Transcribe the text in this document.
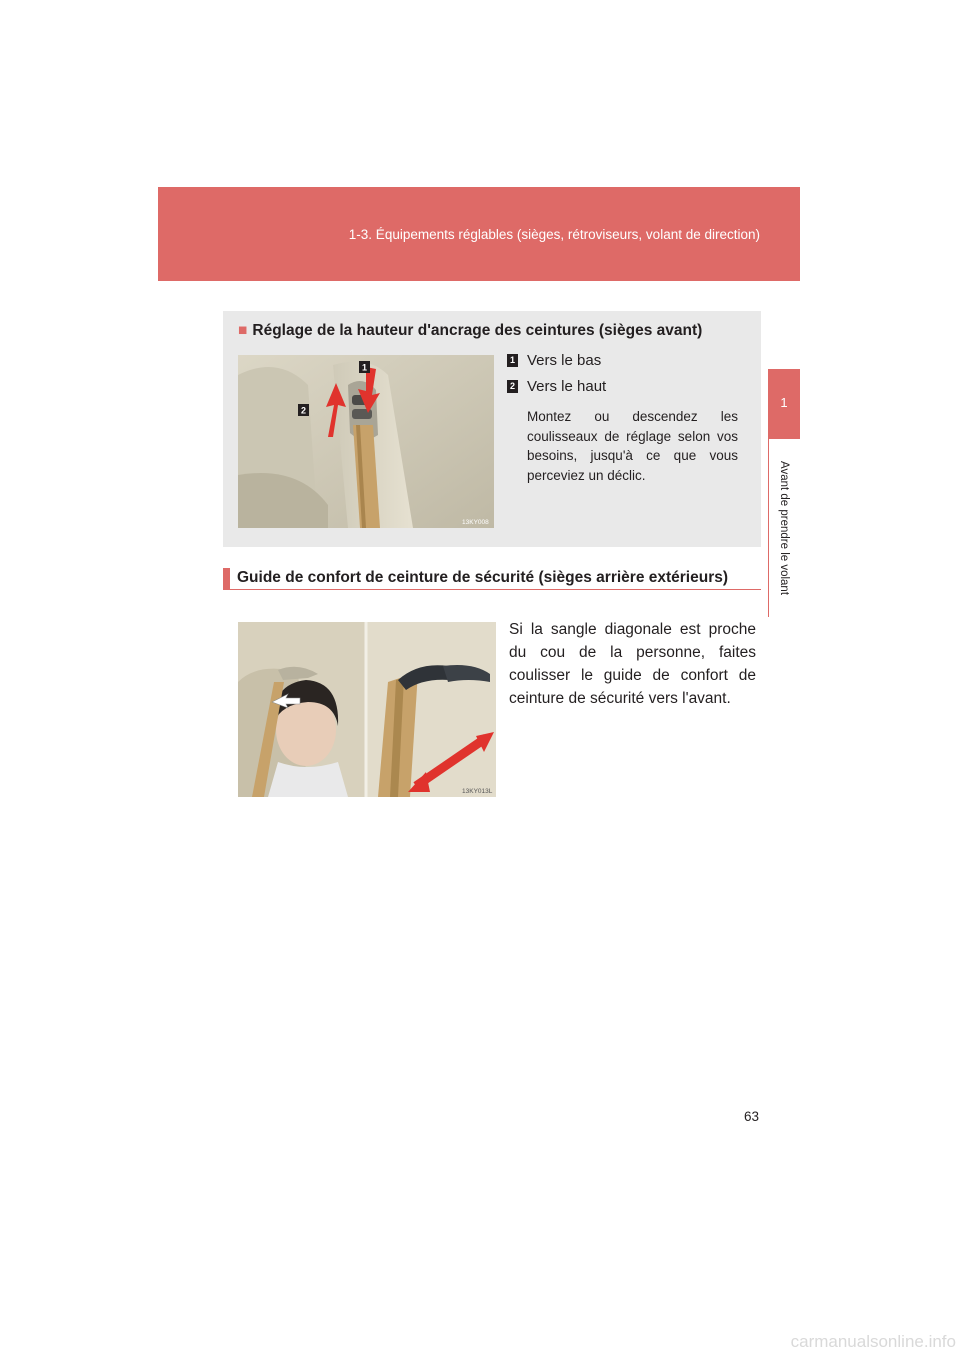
1-3. Équipements réglables (sièges, rétroviseurs, volant de direction)
1
Avant de prendre le volant
■ Réglage de la hauteur d'ancrage des ceintures (sièges avant)
1
2
13KY008
1 Vers le bas
2 Vers le haut
Montez ou descendez les coulisseaux de réglage selon vos besoins, jusqu'à ce que vous perceviez un déclic.
Guide de confort de ceinture de sécurité (sièges arrière extérieurs)
13KY013L
Si la sangle diagonale est proche du cou de la personne, faites coulisser le guide de confort de ceinture de sécurité vers l'avant.
63
carmanualsonline.info
